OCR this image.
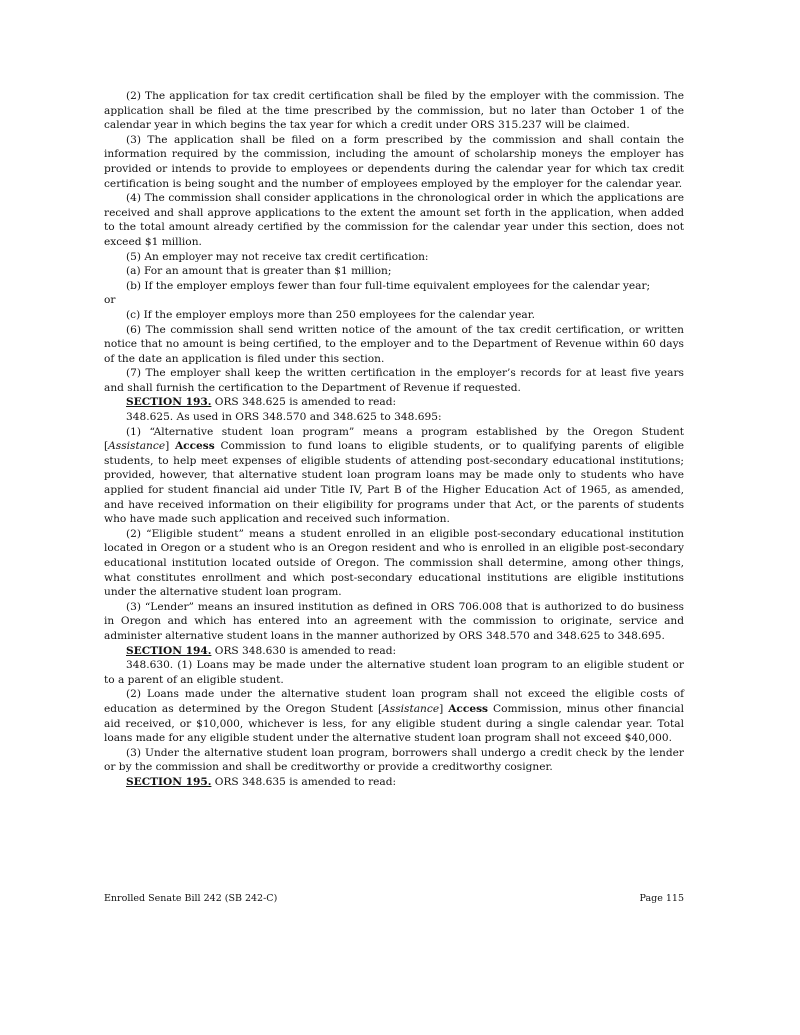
(2) The application for tax credit certification shall be filed by the employer with the commission. The application shall be filed at the time prescribed by the commission, but no later than October 1 of the calendar year in which begins the tax year for which a credit under ORS 315.237 will be claimed.

(3) The application shall be filed on a form prescribed by the commission and shall contain the information required by the commission, including the amount of scholarship moneys the employer has provided or intends to provide to employees or dependents during the calendar year for which tax credit certification is being sought and the number of employees employed by the employer for the calendar year.

(4) The commission shall consider applications in the chronological order in which the applications are received and shall approve applications to the extent the amount set forth in the application, when added to the total amount already certified by the commission for the calendar year under this section, does not exceed $1 million.

(5) An employer may not receive tax credit certification:

(a) For an amount that is greater than $1 million;

(b) If the employer employs fewer than four full-time equivalent employees for the calendar year;

or

(c) If the employer employs more than 250 employees for the calendar year.

(6) The commission shall send written notice of the amount of the tax credit certification, or written notice that no amount is being certified, to the employer and to the Department of Revenue within 60 days of the date an application is filed under this section.

(7) The employer shall keep the written certification in the employer’s records for at least five years and shall furnish the certification to the Department of Revenue if requested.

SECTION 193. ORS 348.625 is amended to read:

348.625. As used in ORS 348.570 and 348.625 to 348.695:

(1) “Alternative student loan program” means a program established by the Oregon Student [Assistance] Access Commission to fund loans to eligible students, or to qualifying parents of eligible students, to help meet expenses of eligible students of attending post-secondary educational institutions; provided, however, that alternative student loan program loans may be made only to students who have applied for student financial aid under Title IV, Part B of the Higher Education Act of 1965, as amended, and have received information on their eligibility for programs under that Act, or the parents of students who have made such application and received such information.

(2) “Eligible student” means a student enrolled in an eligible post-secondary educational institution located in Oregon or a student who is an Oregon resident and who is enrolled in an eligible post-secondary educational institution located outside of Oregon. The commission shall determine, among other things, what constitutes enrollment and which post-secondary educational institutions are eligible institutions under the alternative student loan program.

(3) “Lender” means an insured institution as defined in ORS 706.008 that is authorized to do business in Oregon and which has entered into an agreement with the commission to originate, service and administer alternative student loans in the manner authorized by ORS 348.570 and 348.625 to 348.695.

SECTION 194. ORS 348.630 is amended to read:

348.630. (1) Loans may be made under the alternative student loan program to an eligible student or to a parent of an eligible student.

(2) Loans made under the alternative student loan program shall not exceed the eligible costs of education as determined by the Oregon Student [Assistance] Access Commission, minus other financial aid received, or $10,000, whichever is less, for any eligible student during a single calendar year. Total loans made for any eligible student under the alternative student loan program shall not exceed $40,000.

(3) Under the alternative student loan program, borrowers shall undergo a credit check by the lender or by the commission and shall be creditworthy or provide a creditworthy cosigner.

SECTION 195. ORS 348.635 is amended to read:

Enrolled Senate Bill 242 (SB 242-C)	Page 115
